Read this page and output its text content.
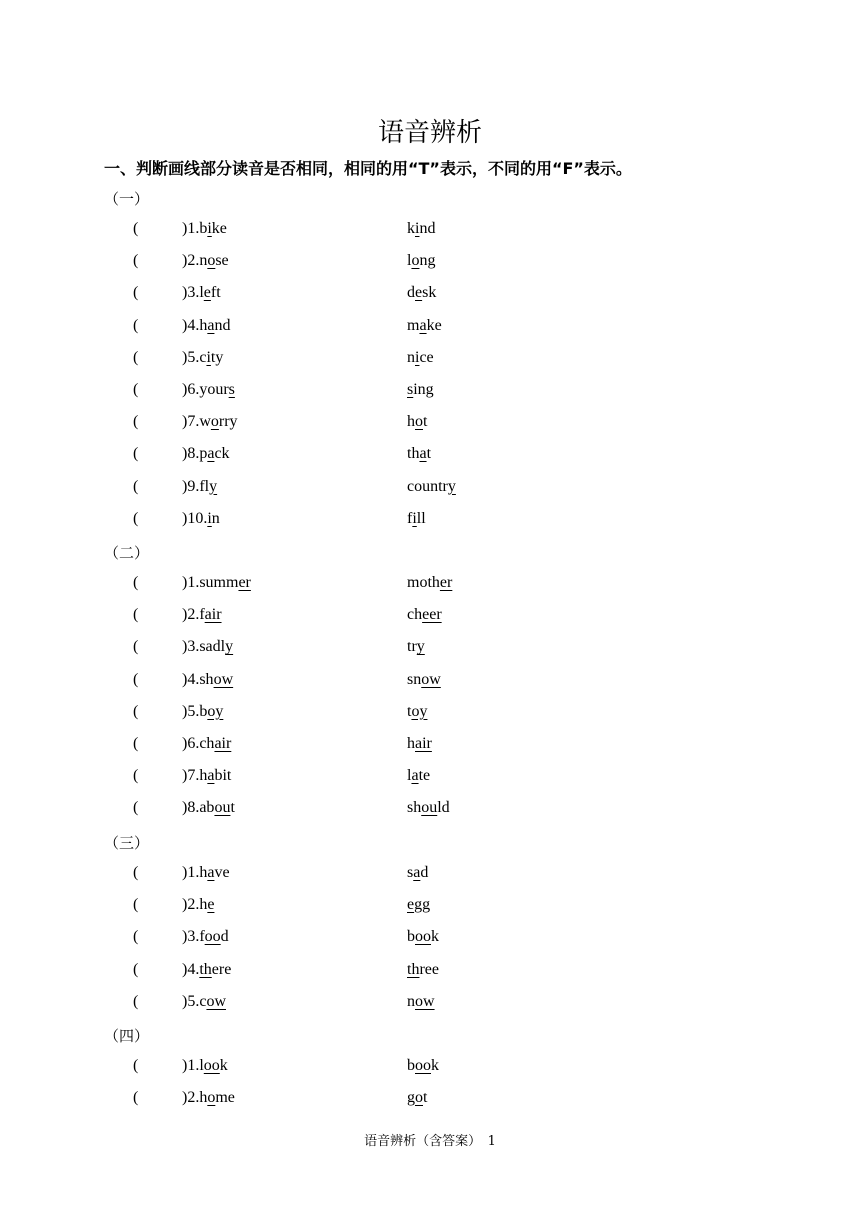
语音辨析
一、判断画线部分读音是否相同，相同的用“T”表示，不同的用“F”表示。
（一）
(	)1.bike	kind
(	)2.nose	long
(	)3.left	desk
(	)4.hand	make
(	)5.city	nice
(	)6.yours	sing
(	)7.worry	hot
(	)8.pack	that
(	)9.fly	country
(	)10.in	fill
（二）
(	)1.summer	mother
(	)2.fair	cheer
(	)3.sadly	try
(	)4.show	snow
(	)5.boy	toy
(	)6.chair	hair
(	)7.habit	late
(	)8.about	should
（三）
(	)1.have	sad
(	)2.he	egg
(	)3.food	book
(	)4.there	three
(	)5.cow	now
（四）
(	)1.look	book
(	)2.home	got
语音辨析（含答案）　1
